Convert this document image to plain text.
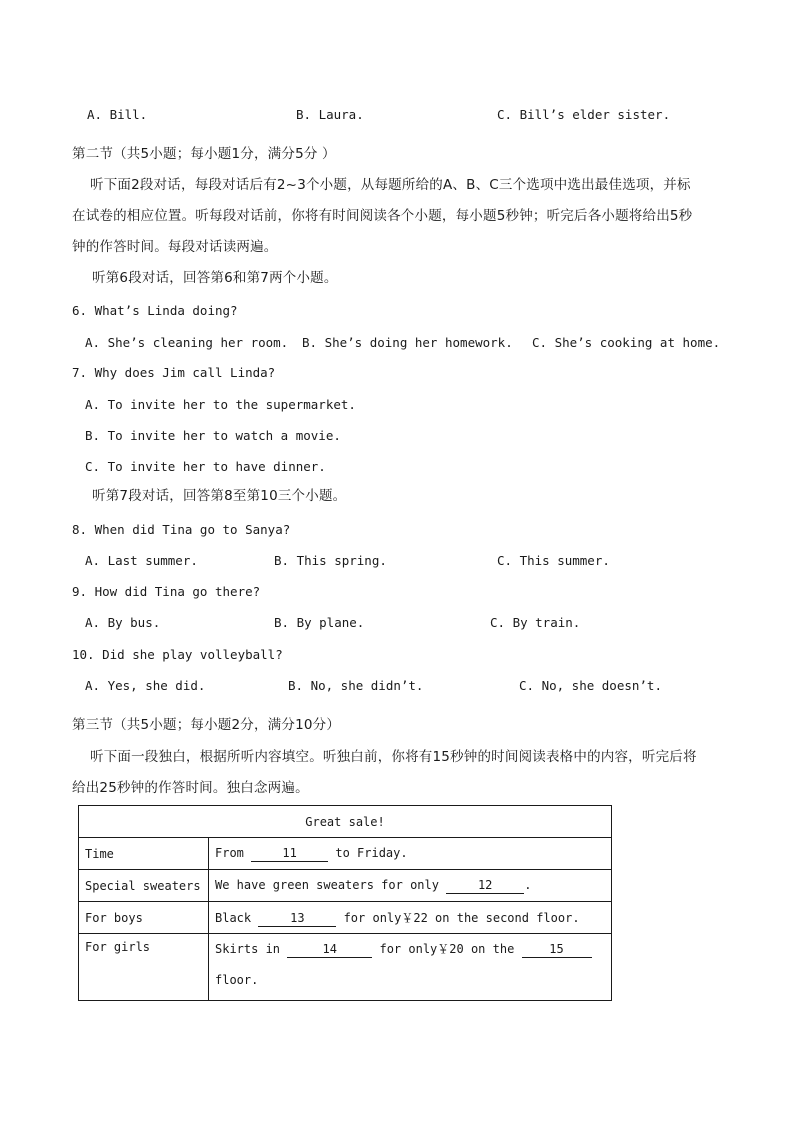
A. Bill.	B. Laura.	C. Bill’s elder sister.
第二节（共5小题；每小题1分，满分5分 ）
听下面2段对话，每段对话后有2~3个小题，从每题所给的A、B、C三个选项中选出最佳选项，并标
在试卷的相应位置。听每段对话前，你将有时间阅读各个小题，每小题5秒钟；听完后各小题将给出5秒
钟的作答时间。每段对话读两遍。
听第6段对话，回答第6和第7两个小题。
6. What’s Linda doing?
A. She’s cleaning her room. B. She’s doing her homework. C. She’s cooking at home.
7. Why does Jim call Linda?
A. To invite her to the supermarket.
B. To invite her to watch a movie.
C. To invite her to have dinner.
听第7段对话，回答第8至第10三个小题。
8. When did Tina go to Sanya?
A. Last summer.	B. This spring.	C. This summer.
9. How did Tina go there?
A. By bus.	B. By plane.	C. By train.
10. Did she play volleyball?
A. Yes, she did.	B. No, she didn’t.	C. No, she doesn’t.
第三节（共5小题；每小题2分，满分10分）
听下面一段独白，根据所听内容填空。听独白前，你将有15秒钟的时间阅读表格中的内容，听完后将
给出25秒钟的作答时间。独白念两遍。
Great sale!	
Time	From 11 to Friday.
Special sweaters	We have green sweaters for only 12 .
For boys	Black 13 for only￥22 on the second floor.
For girls	Skirts in 14 for only￥20 on the 15
floor.
